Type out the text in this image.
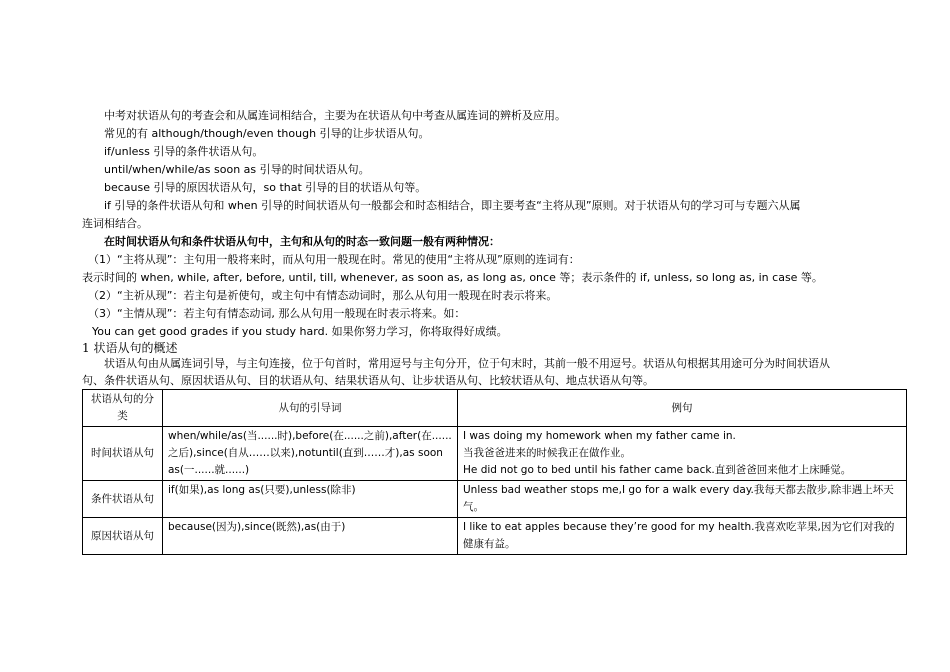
中考对状语从句的考查会和从属连词相结合，主要为在状语从句中考查从属连词的辨析及应用。
常见的有 although/though/even though 引导的让步状语从句。
if/unless 引导的条件状语从句。
until/when/while/as soon as 引导的时间状语从句。
because 引导的原因状语从句，so that 引导的目的状语从句等。
if 引导的条件状语从句和 when 引导的时间状语从句一般都会和时态相结合，即主要考查“主将从现”原则。对于状语从句的学习可与专题六从属
连词相结合。
在时间状语从句和条件状语从句中，主句和从句的时态一致问题一般有两种情况：
（1）“主将从现”：主句用一般将来时，而从句用一般现在时。常见的使用“主将从现”原则的连词有：
表示时间的 when, while, after, before, until, till, whenever, as soon as, as long as, once 等；表示条件的 if, unless, so long as, in case 等。
（2）“主祈从现”：若主句是祈使句，或主句中有情态动词时，那么从句用一般现在时表示将来。
（3）“主情从现”：若主句有情态动词, 那么从句用一般现在时表示将来。如：
You can get good grades if you study hard. 如果你努力学习，你将取得好成绩。
1 状语从句的概述
状语从句由从属连词引导，与主句连接，位于句首时，常用逗号与主句分开，位于句末时，其前一般不用逗号。状语从句根据其用途可分为时间状语从
句、条件状语从句、原因状语从句、目的状语从句、结果状语从句、让步状语从句、比较状语从句、地点状语从句等。
状语从句的分类	从句的引导词	例句
时间状语从句	when/while/as(当......时),before(在......之前),after(在......之后),since(自从……以来),notuntil(直到……才),as soon as(一......就......)	I was doing my homework when my father came in.
当我爸爸进来的时候我正在做作业。
He did not go to bed until his father came back.直到爸爸回来他才上床睡觉。

条件状语从句	if(如果),as long as(只要),unless(除非)	Unless bad weather stops me,I go for a walk every day.我每天都去散步,除非遇上坏天气。

原因状语从句	because(因为),since(既然),as(由于)	I like to eat apples because they’re good for my health.我喜欢吃苹果,因为它们对我的健康有益。
